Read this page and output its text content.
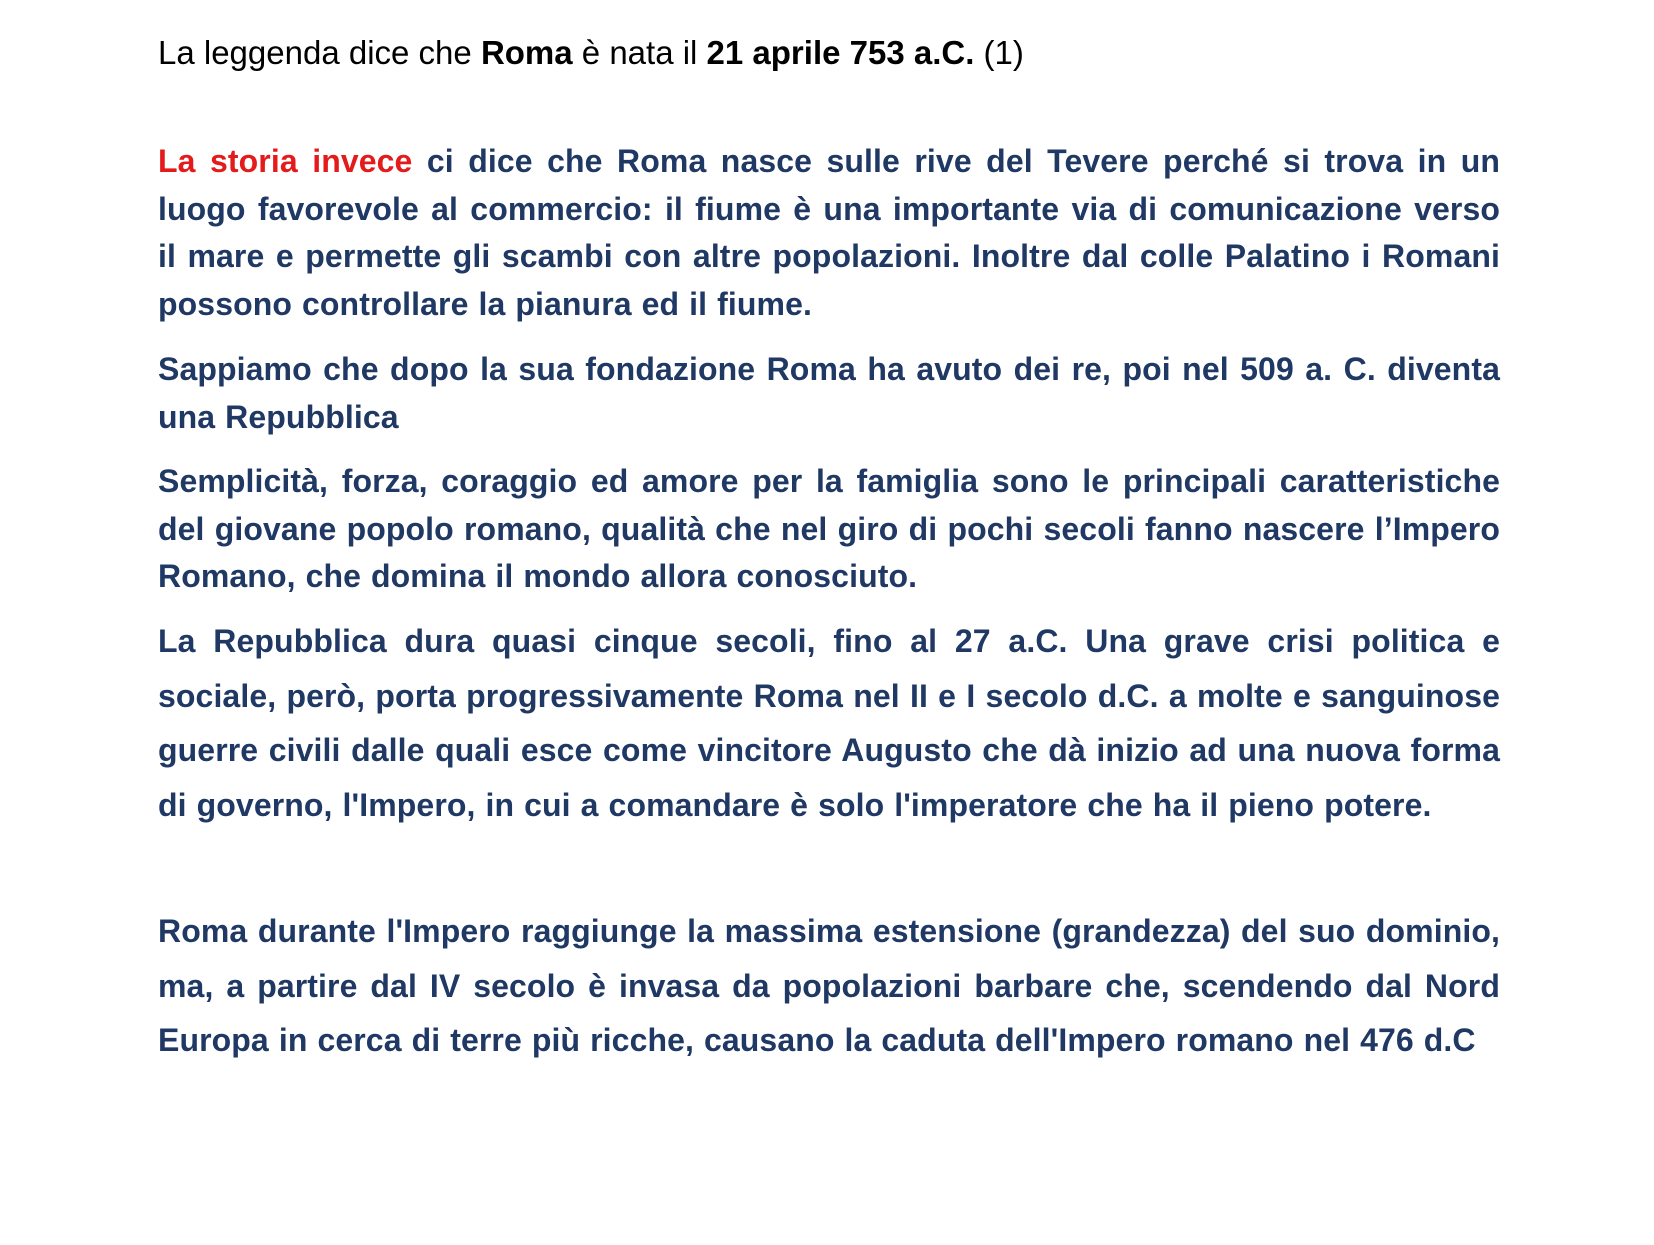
La leggenda dice che Roma è nata il 21 aprile 753 a.C. (1)

La storia invece ci dice che Roma nasce sulle rive del Tevere perché si trova in un luogo favorevole al commercio: il fiume è una importante via di comunicazione verso il mare e permette gli scambi con altre popolazioni. Inoltre dal colle Palatino i Romani possono controllare la pianura ed il fiume.

Sappiamo che dopo la sua fondazione Roma ha avuto dei re, poi nel 509 a. C. diventa una Repubblica

Semplicità, forza, coraggio ed amore per la famiglia sono le principali caratteristiche del giovane popolo romano, qualità che nel giro di pochi secoli fanno nascere l’Impero Romano, che domina il mondo allora conosciuto.

La Repubblica dura quasi cinque secoli, fino al 27 a.C. Una grave crisi politica e sociale, però, porta progressivamente Roma nel II e I secolo d.C. a molte e sanguinose guerre civili dalle quali esce come vincitore Augusto che dà inizio ad una nuova forma di governo, l'Impero, in cui a comandare è solo l'imperatore che ha il pieno potere.

Roma durante l'Impero raggiunge la massima estensione (grandezza) del suo dominio, ma, a partire dal IV secolo è invasa da popolazioni barbare che, scendendo dal Nord Europa in cerca di terre più ricche, causano la caduta dell'Impero romano nel 476 d.C
